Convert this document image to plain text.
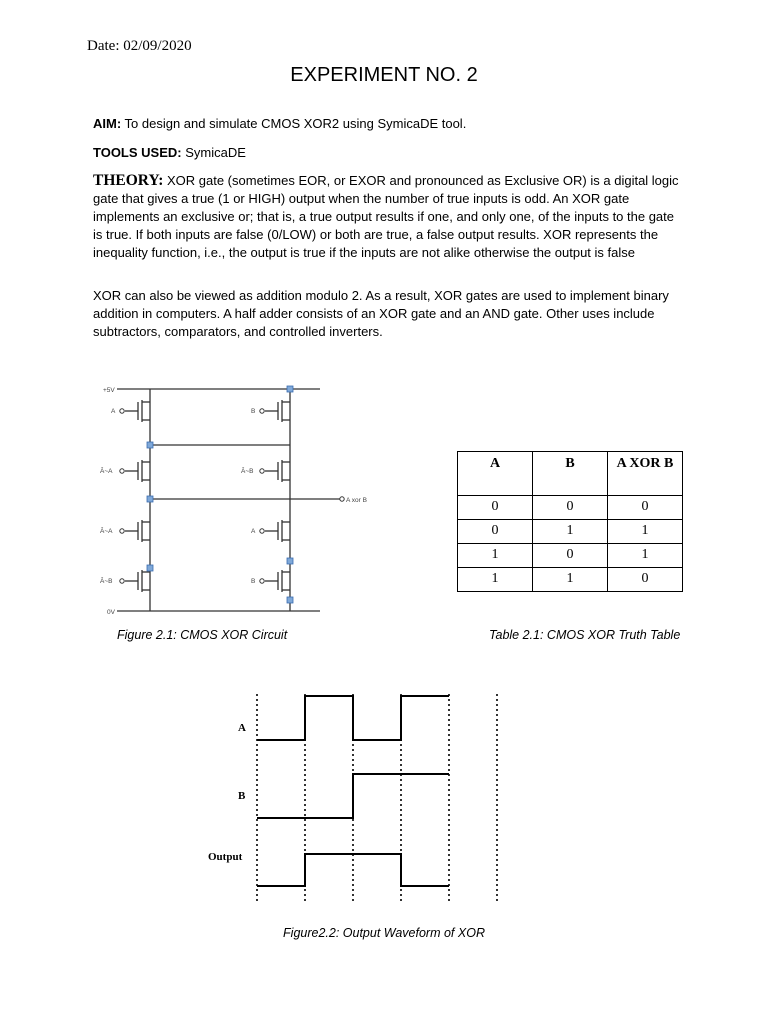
Date: 02/09/2020
EXPERIMENT NO. 2
AIM: To design and simulate CMOS XOR2 using SymicaDE tool.
TOOLS USED: SymicaDE
THEORY: XOR gate (sometimes EOR, or EXOR and pronounced as Exclusive OR) is a digital logic gate that gives a true (1 or HIGH) output when the number of true inputs is odd. An XOR gate implements an exclusive or; that is, a true output results if one, and only one, of the inputs to the gate is true. If both inputs are false (0/LOW) or both are true, a false output results. XOR represents the inequality function, i.e., the output is true if the inputs are not alike otherwise the output is false
XOR can also be viewed as addition modulo 2. As a result, XOR gates are used to implement binary addition in computers. A half adder consists of an XOR gate and an AND gate. Other uses include subtractors, comparators, and controlled inverters.
+5V
0V
A
Ā~A
Ā~A
Ā~B
B
Ā~B
A
B
A xor B
A	B	A XOR B
0	0	0
0	1	1
1	0	1
1	1	0
Figure 2.1: CMOS XOR Circuit	Table 2.1: CMOS XOR Truth Table
A
B
Output
Figure2.2: Output Waveform of XOR
